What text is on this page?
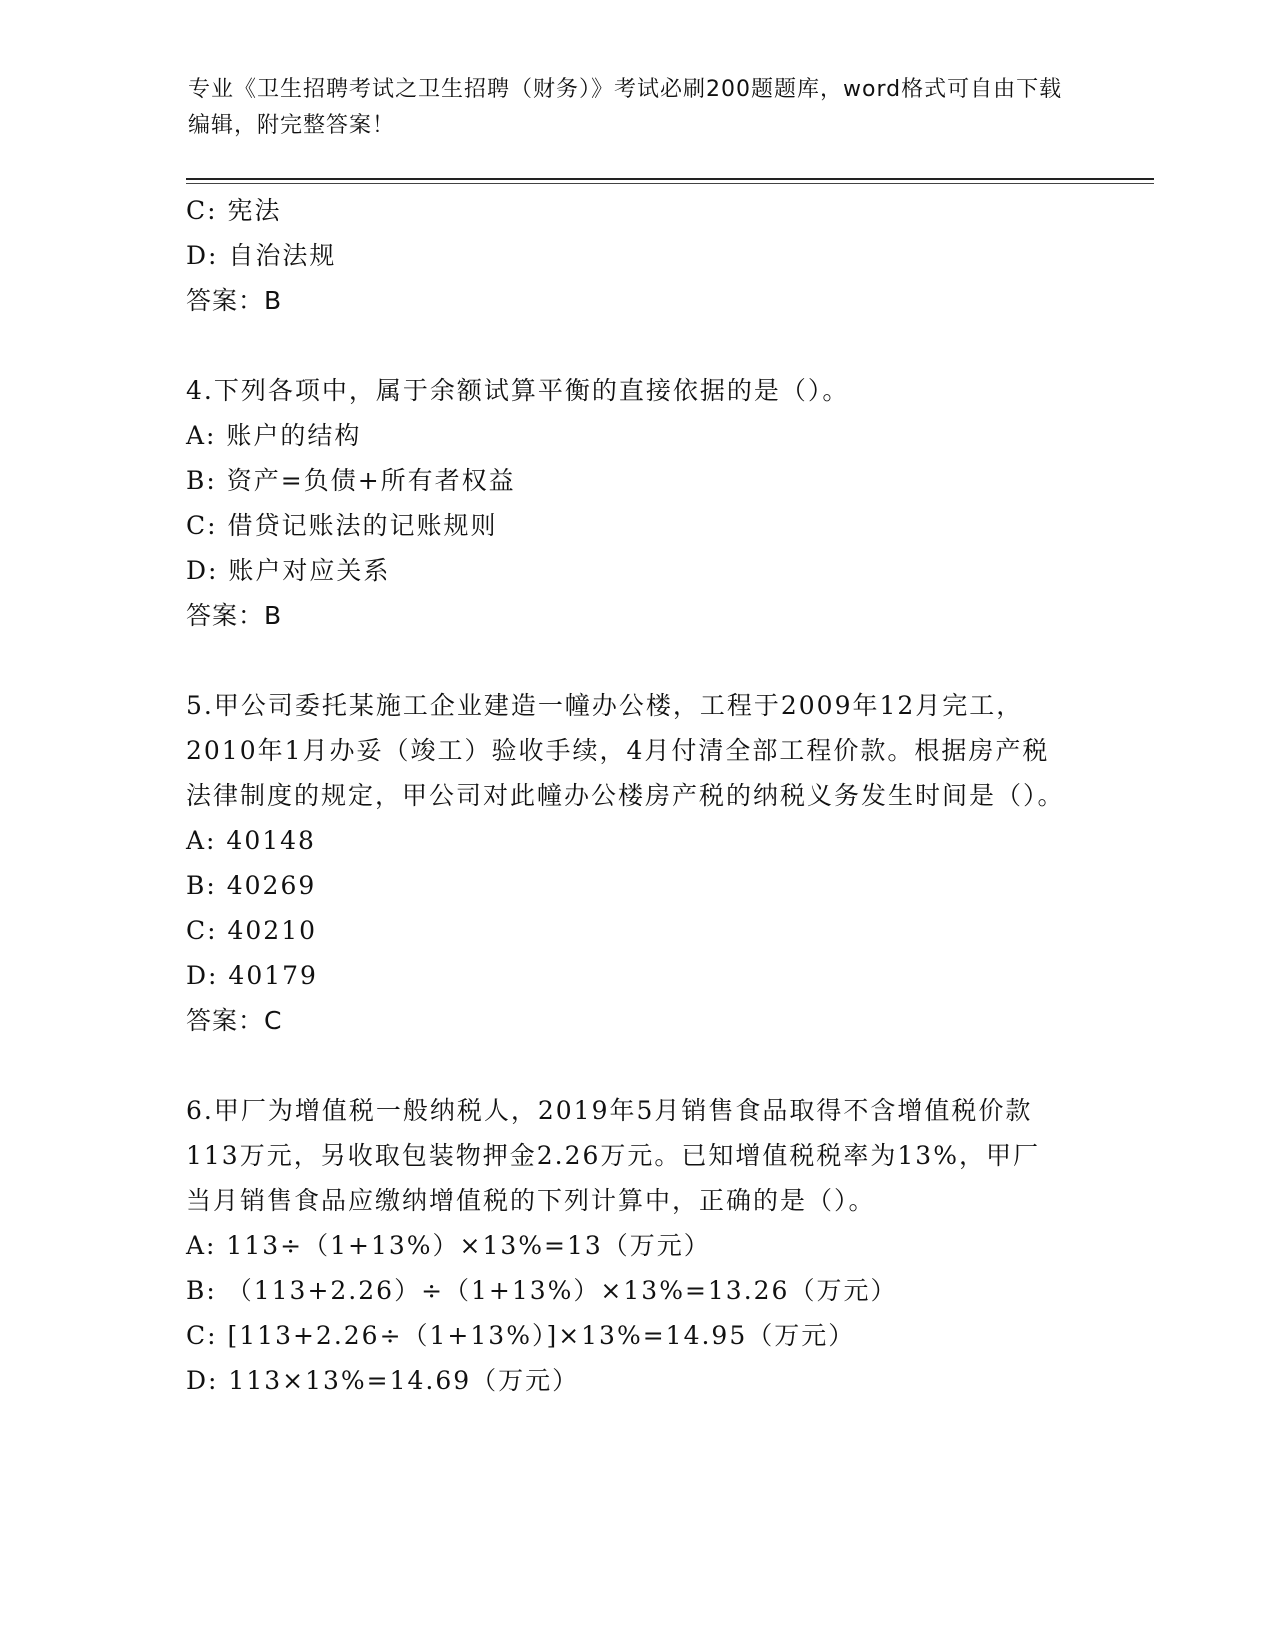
专业《卫生招聘考试之卫生招聘（财务）》考试必刷200题题库，word格式可自由下载编辑，附完整答案！
C: 宪法
D: 自治法规
答案：B
4.下列各项中，属于余额试算平衡的直接依据的是（）。
A: 账户的结构
B: 资产=负债+所有者权益
C: 借贷记账法的记账规则
D: 账户对应关系
答案：B
5.甲公司委托某施工企业建造一幢办公楼，工程于2009年12月完工，2010年1月办妥（竣工）验收手续，4月付清全部工程价款。根据房产税法律制度的规定，甲公司对此幢办公楼房产税的纳税义务发生时间是（）。
A: 40148
B: 40269
C: 40210
D: 40179
答案：C
6.甲厂为增值税一般纳税人，2019年5月销售食品取得不含增值税价款113万元，另收取包装物押金2.26万元。已知增值税税率为13%，甲厂当月销售食品应缴纳增值税的下列计算中，正确的是（）。
A: 113÷（1+13%）×13%=13（万元）
B: （113+2.26）÷（1+13%）×13%=13.26（万元）
C: [113+2.26÷（1+13%）]×13%=14.95（万元）
D: 113×13%=14.69（万元）
